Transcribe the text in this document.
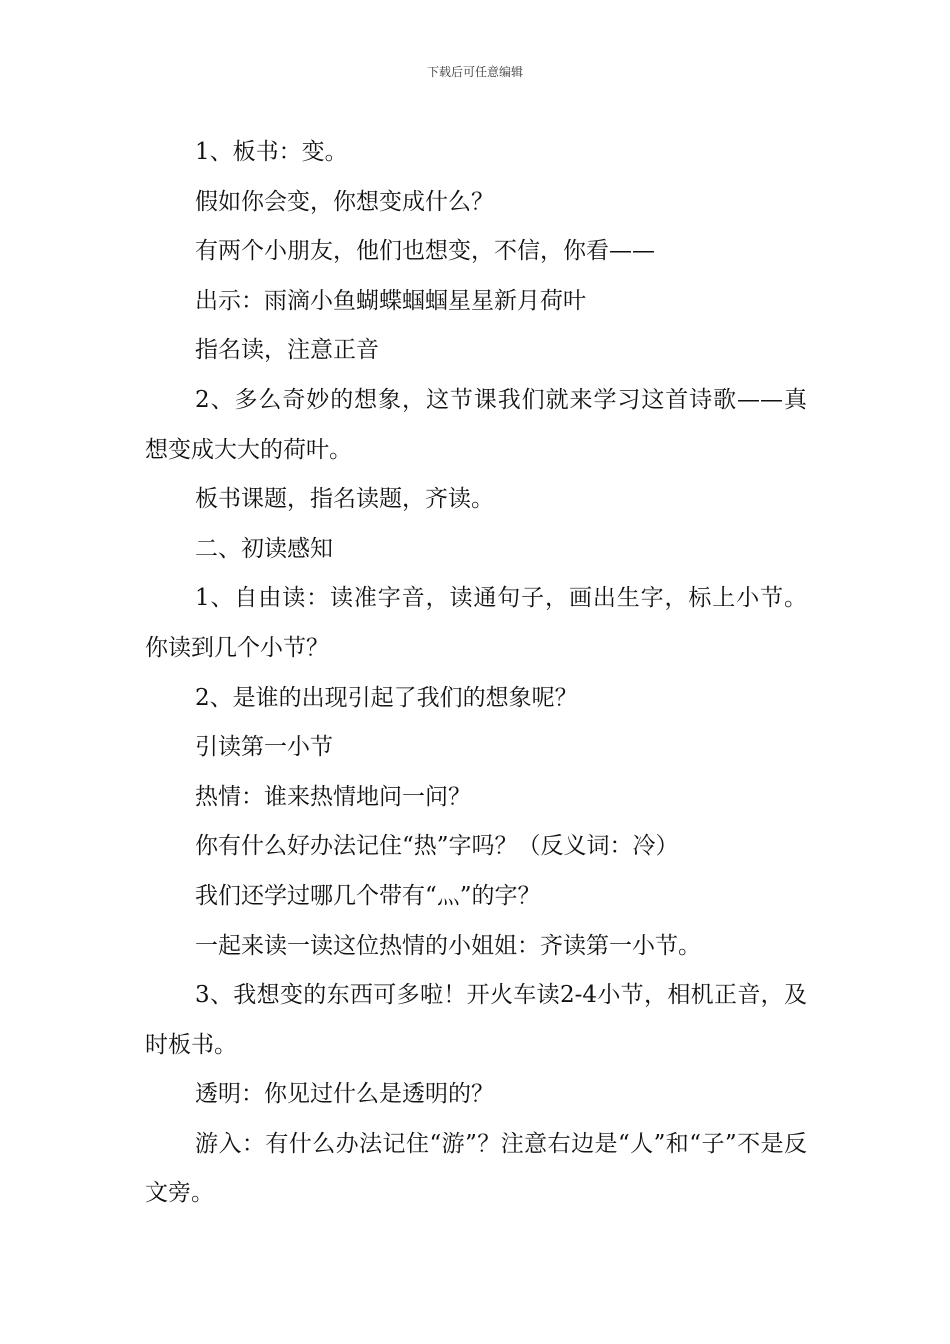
下载后可任意编辑

1、板书：变。

假如你会变，你想变成什么？

有两个小朋友，他们也想变，不信，你看——

出示：雨滴小鱼蝴蝶蝈蝈星星新月荷叶

指名读，注意正音

2、多么奇妙的想象，这节课我们就来学习这首诗歌——真想变成大大的荷叶。

板书课题，指名读题，齐读。

二、初读感知

1、自由读：读准字音，读通句子，画出生字，标上小节。你读到几个小节？

2、是谁的出现引起了我们的想象呢？

引读第一小节

热情：谁来热情地问一问？

你有什么好办法记住“热”字吗？（反义词：冷）

我们还学过哪几个带有“灬”的字？

一起来读一读这位热情的小姐姐：齐读第一小节。

3、我想变的东西可多啦！开火车读2-4小节，相机正音，及时板书。

透明：你见过什么是透明的？

游入：有什么办法记住“游”？注意右边是“人”和“子”不是反文旁。
